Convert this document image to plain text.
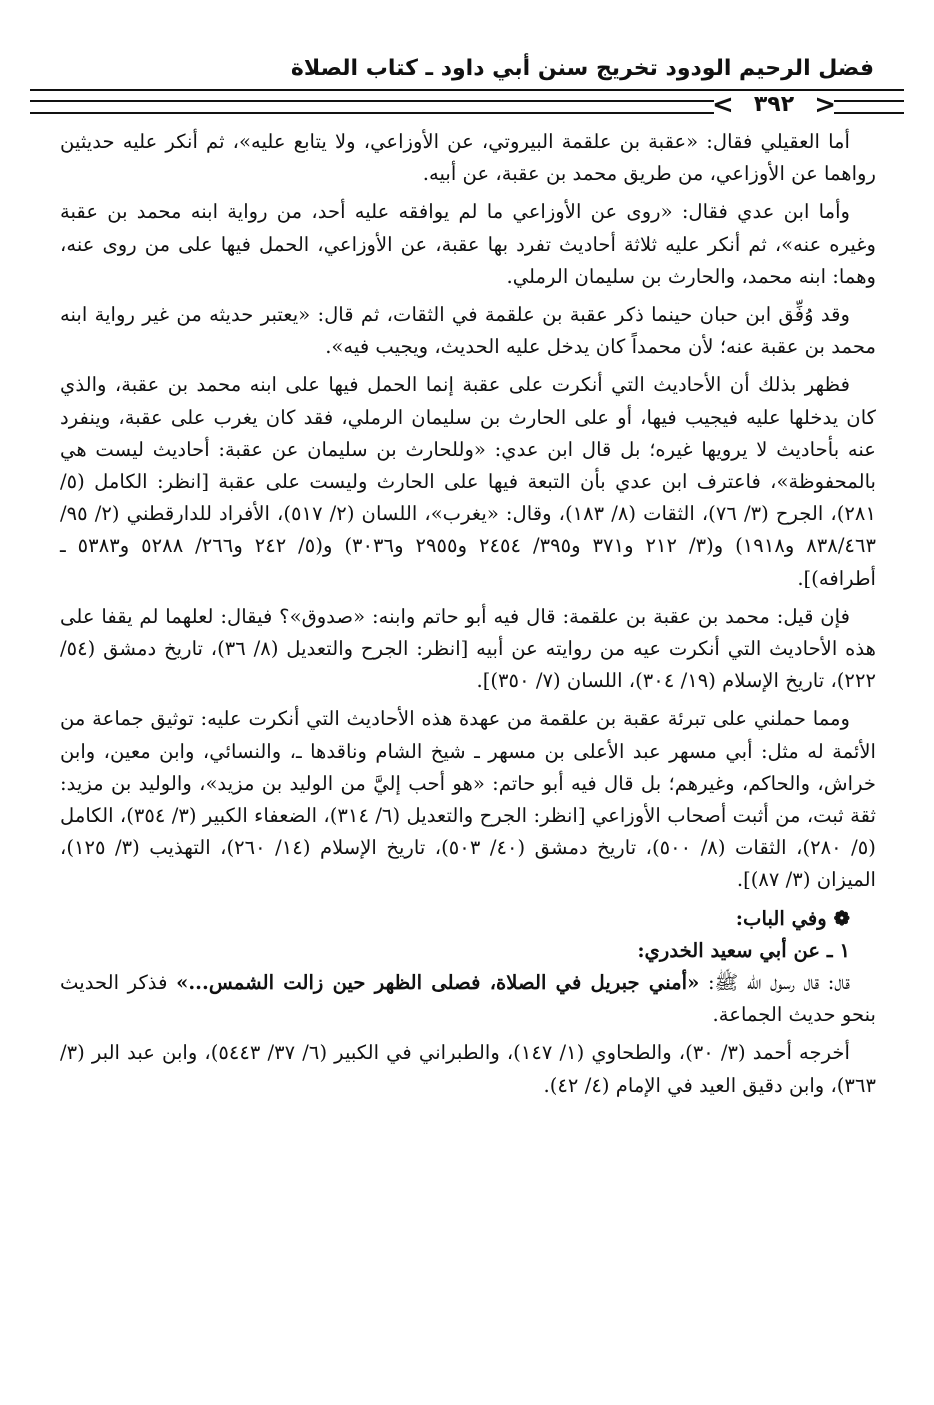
فضل الرحيم الودود تخريج سنن أبي داود ـ كتاب الصلاة
< ٣٩٢ >

أما العقيلي فقال: «عقبة بن علقمة البيروتي، عن الأوزاعي، ولا يتابع عليه»، ثم أنكر عليه حديثين رواهما عن الأوزاعي، من طريق محمد بن عقبة، عن أبيه.

وأما ابن عدي فقال: «روى عن الأوزاعي ما لم يوافقه عليه أحد، من رواية ابنه محمد بن عقبة وغيره عنه»، ثم أنكر عليه ثلاثة أحاديث تفرد بها عقبة، عن الأوزاعي، الحمل فيها على من روى عنه، وهما: ابنه محمد، والحارث بن سليمان الرملي.

وقد وُفِّق ابن حبان حينما ذكر عقبة بن علقمة في الثقات، ثم قال: «يعتبر حديثه من غير رواية ابنه محمد بن عقبة عنه؛ لأن محمداً كان يدخل عليه الحديث، ويجيب فيه».

فظهر بذلك أن الأحاديث التي أنكرت على عقبة إنما الحمل فيها على ابنه محمد بن عقبة، والذي كان يدخلها عليه فيجيب فيها، أو على الحارث بن سليمان الرملي، فقد كان يغرب على عقبة، وينفرد عنه بأحاديث لا يرويها غيره؛ بل قال ابن عدي: «وللحارث بن سليمان عن عقبة: أحاديث ليست هي بالمحفوظة»، فاعترف ابن عدي بأن التبعة فيها على الحارث وليست على عقبة [انظر: الكامل (٥/ ٢٨١)، الجرح (٣/ ٧٦)، الثقات (٨/ ١٨٣)، وقال: «يغرب»، اللسان (٢/ ٥١٧)، الأفراد للدارقطني (٢/ ٩٥/ ٨٣٨/٤٦٣ و١٩١٨) و(٣/ ٢١٢ و٣٧١ و٣٩٥/ ٢٤٥٤ و٢٩٥٥ و٣٠٣٦) و(٥/ ٢٤٢ و٢٦٦/ ٥٢٨٨ و٥٣٨٣ ـ أطرافه)].

فإن قيل: محمد بن عقبة بن علقمة: قال فيه أبو حاتم وابنه: «صدوق»؟ فيقال: لعلهما لم يقفا على هذه الأحاديث التي أنكرت عيه من روايته عن أبيه [انظر: الجرح والتعديل (٨/ ٣٦)، تاريخ دمشق (٥٤/ ٢٢٢)، تاريخ الإسلام (١٩/ ٣٠٤)، اللسان (٧/ ٣٥٠)].

ومما حملني على تبرئة عقبة بن علقمة من عهدة هذه الأحاديث التي أنكرت عليه: توثيق جماعة من الأئمة له مثل: أبي مسهر عبد الأعلى بن مسهر ـ شيخ الشام وناقدها ـ، والنسائي، وابن معين، وابن خراش، والحاكم، وغيرهم؛ بل قال فيه أبو حاتم: «هو أحب إليَّ من الوليد بن مزيد»، والوليد بن مزيد: ثقة ثبت، من أثبت أصحاب الأوزاعي [انظر: الجرح والتعديل (٦/ ٣١٤)، الضعفاء الكبير (٣/ ٣٥٤)، الكامل (٥/ ٢٨٠)، الثقات (٨/ ٥٠٠)، تاريخ دمشق (٤٠/ ٥٠٣)، تاريخ الإسلام (١٤/ ٢٦٠)، التهذيب (٣/ ١٢٥)، الميزان (٣/ ٨٧)].

❁ وفي الباب:

١ ـ عن أبي سعيد الخدري:

قال: قال رسول الله ﷺ: «أمني جبريل في الصلاة، فصلى الظهر حين زالت الشمس...» فذكر الحديث بنحو حديث الجماعة.

أخرجه أحمد (٣/ ٣٠)، والطحاوي (١/ ١٤٧)، والطبراني في الكبير (٦/ ٣٧/ ٥٤٤٣)، وابن عبد البر (٣/ ٣٦٣)، وابن دقيق العيد في الإمام (٤/ ٤٢).
